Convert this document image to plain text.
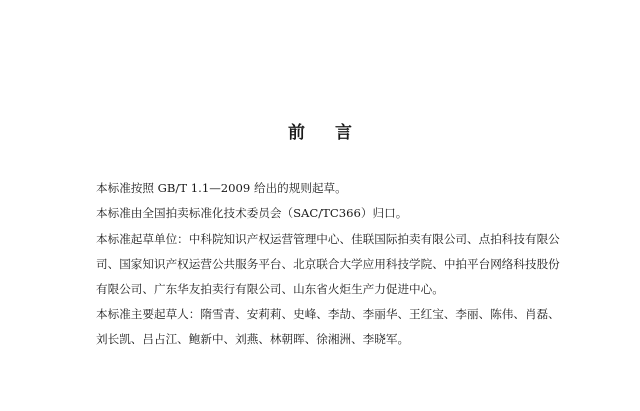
前 言

本标准按照 GB/T 1.1—2009 给出的规则起草。

本标准由全国拍卖标准化技术委员会（SAC/TC366）归口。

本标准起草单位：中科院知识产权运营管理中心、佳联国际拍卖有限公司、点拍科技有限公

司、国家知识产权运营公共服务平台、北京联合大学应用科技学院、中拍平台网络科技股份

有限公司、广东华友拍卖行有限公司、山东省火炬生产力促进中心。

本标准主要起草人：隋雪青、安莉莉、史峰、李劼、李丽华、王红宝、李丽、陈伟、肖磊、

刘长凯、吕占江、鲍新中、刘燕、林朝晖、徐湘洲、李晓军。
